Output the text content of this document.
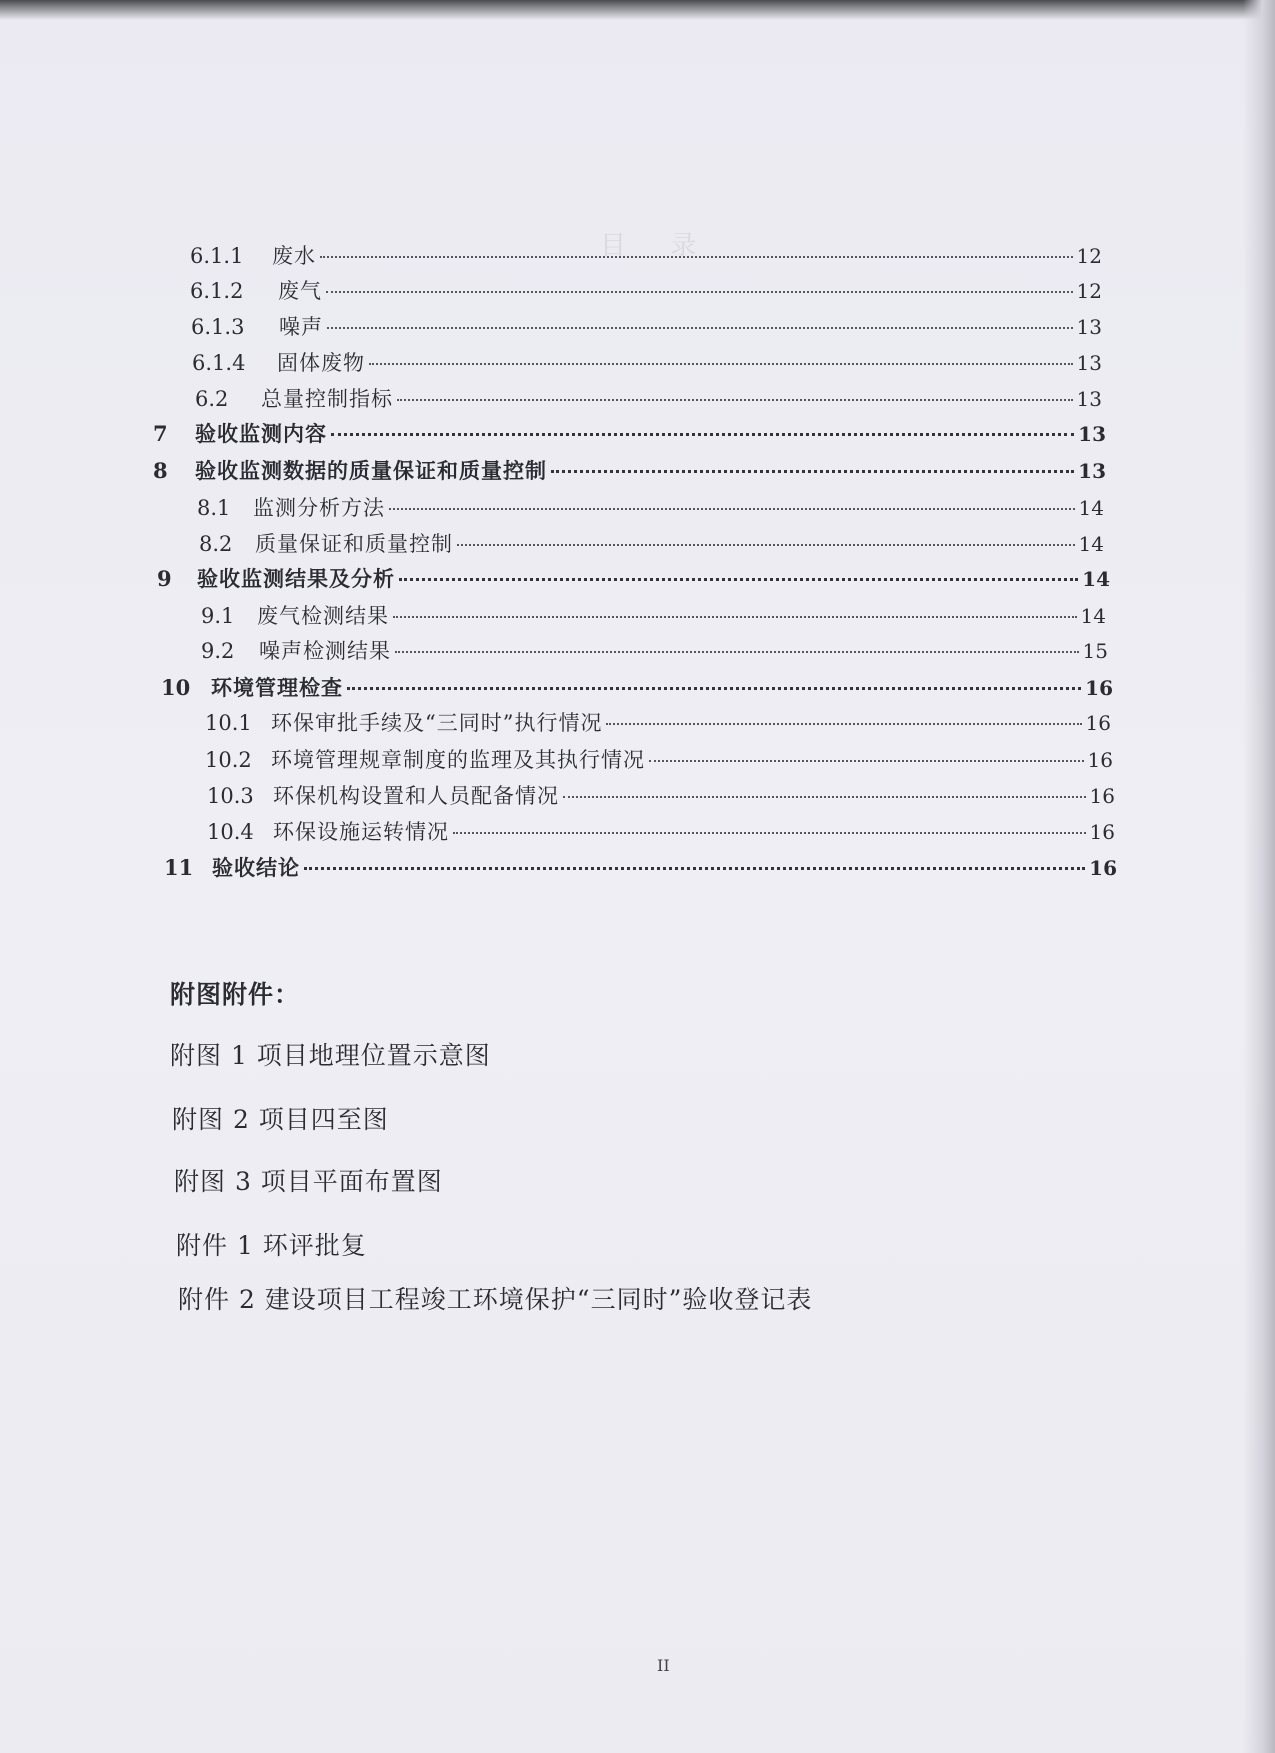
目 录
6.1.1	废水	12
6.1.2	废气	12
6.1.3	噪声	13
6.1.4	固体废物	13
6.2	总量控制指标	13
7	验收监测内容	13
8	验收监测数据的质量保证和质量控制	13
8.1	监测分析方法	14
8.2	质量保证和质量控制	14
9	验收监测结果及分析	14
9.1	废气检测结果	14
9.2	噪声检测结果	15
10 环境管理检查	16
10.1 环保审批手续及“三同时”执行情况	16
10.2 环境管理规章制度的监理及其执行情况	16
10.3 环保机构设置和人员配备情况	16
10.4 环保设施运转情况	16
11 验收结论	16
附图附件：
附图 1 项目地理位置示意图
附图 2 项目四至图
附图 3 项目平面布置图
附件 1 环评批复
附件 2 建设项目工程竣工环境保护“三同时”验收登记表
II
